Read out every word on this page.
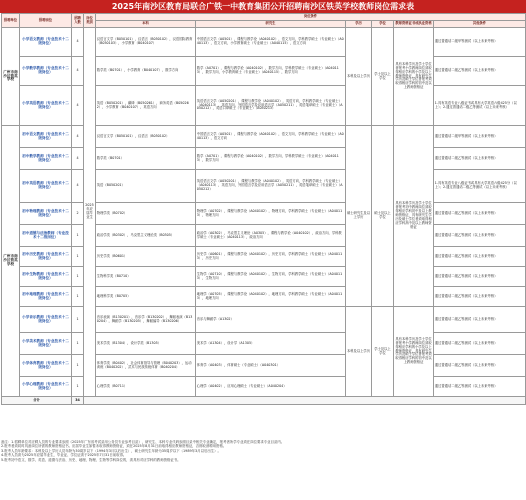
2025年南沙区教育局联合广铁一中教育集团公开招聘南沙区铁英学校教师岗位需求表
招聘单位	招聘岗位	招聘人数	岗位类别	岗位条件					
				本科	研究生	学历	学位	教师资格证书或执业资格	其他条件
广州市南沙区铁英学校	小学语文教师（专业技术十二级岗位）	4	2025年应届毕业生	汉语言文学（B050101），汉语言（B050102），汉语国际教育（B050103），小学教育（B040107）	中国语言文学（A0501），课程与教学论（A040102），语文方向，学科教学硕士（专业硕士）（A040113），语文方向，小学教育硕士（专业硕士）（A040115），语文方向	本科及以上学历	学士及以上学位	具有本科学历及学士学位者报考小学教师岗位须取得相应学科的小学及以上教师资格证，具有研究生学历及硕士学位者报考须取得相应学科的初中及以上教师资格证	通过普通话二级甲等测试（以上未来考核）
	小学数学教师（专业技术十二级岗位）	4		数学类（B0701），小学教育（B040107），数学方向	数学（A0701），课程与教学论（A040102），数学方向，学科教学硕士（专业硕士）（A040113），数学方向，小学教育硕士（专业硕士）（A040115），数学方向				通过普通话二级乙等测试（以上未来考核）
	小学英语教师（专业技术十二级岗位）	4		英语（B050201），翻译（B050261），商务英语（B050262），小学教育（B040107），英语方向	英语语言文学（A050201），课程与教学论（A040102），英语方向，学科教学硕士（专业硕士）（A040113），英语方向，外国语言学及应用语言学（A050211），英语笔译硕士（专业硕士）（A050212），英语口译硕士（专业硕士）（A050213）				1.具有英语专业八级证书或具有大学英语六级425分（以上）；2.通过普通话二级乙等测试（以上未来考核）
广州市南沙区铁英学校	初中语文教师（专业技术十二级岗位）	4		汉语言文学（B050101），汉语言（B050102）	中国语言文学（A0501），课程与教学论（A040102），语文方向，学科教学硕士（专业硕士）（A040113），语文方向	硕士研究生及以上学历	硕士及以上学位	具有本科学历及学士学位者报考初中教师岗位须取得相应学科初中及以上教师资格证，具有研究生学历及硕士学位者须取得相应学科高中及以上教师资格证	通过普通话二级甲等测试（以上未来考核）
	初中数学教师（专业技术十二级岗位）	4		数学类（B0701）	数学（A0701），课程与教学论（A040102），数学方向，学科教学硕士（专业硕士）（A040113），数学方向				通过普通话二级乙等测试（以上未来考核）
	初中英语教师（专业技术十二级岗位）	4		英语（B050201）	英语语言文学（A050201），课程与教学论（A040102），英语方向，学科教学硕士（专业硕士）（A040113），英语方向，外国语言学及应用语言学（A050211），英语笔译硕士（专业硕士）（A050212）				1.具有英语专业八级证书或具有大学英语六级425分（以上）；2.通过普通话二级乙等测试（以上未来考核）
	初中物理教师（专业技术十二级岗位）	2		物理学类（B0702）	物理学（A0702），课程与教学论（A040102），物理方向，学科教学硕士（专业硕士）（A040113），物理方向				通过普通话二级乙等测试（以上未来考核）
	初中道德与法治教师（专业技术十二级岗位）	1		政治学类（B0302），马克思主义理论类（B0305）	政治学（A0302），马克思主义理论（A0305），课程与教学论（A040102），政治方向，学科教学硕士（专业硕士）（A040113），政治方向				通过普通话二级乙等测试（以上未来考核）
	初中历史教师（专业技术十二级岗位）	1		历史学类（B0601）	历史学（A0601），课程与教学论（A040102），历史方向，学科教学硕士（专业硕士）（A040113），历史方向				通过普通话二级乙等测试（以上未来考核）
	初中生物教师（专业技术十二级岗位）	1		生物科学类（B0710）	生物学（A0710），课程与教学论（A040102），生物方向，学科教学硕士（专业硕士）（A040113），生物方向				通过普通话二级乙等测试（以上未来考核）
	初中地理教师（专业技术十二级岗位）	1		地理科学类（B0705）	地理学（A0705），课程与教学论（A040102），地理方向，学科教学硕士（专业硕士）（A040113），地理方向				通过普通话二级乙等测试（以上未来考核）
	小学音乐教师（专业技术十二级岗位）	1		音乐表演（B130201），音乐学（B130202），舞蹈表演（B130204），舞蹈学（B130205），舞蹈编导（B130206）	音乐与舞蹈学（A1302）	本科及以上学历	学士及以上学位	具有本科学历及学士学位者报考小学教师岗位须取得相应学科的小学及以上教师资格证，具有研究生学历及硕士学位者报考须取得相应学科的初中及以上教师资格证	通过普通话二级乙等测试（以上未来考核）
	小学美术教师（专业技术十二级岗位）	1		美术学类（B1304），设计学类（B1305）	美术学（A1304），设计学（A1305）				通过普通话二级乙等测试（以上未来考核）
	小学体育教师（专业技术十二级岗位）	1		体育学类（B0402），社会体育指导与管理（B040203），运动训练（B040202），武术与民族传统体育（B040204）	体育学（A0403），体育硕士（专业硕士）（A040301）				通过普通话二级乙等测试（以上未来考核）
	小学心理教师（专业技术十二级岗位）	1		心理学类（B0711）	心理学（A0402），应用心理硕士（专业硕士）（A040204）				通过普通话二级乙等测试（以上未来考核）
合计		34							
备注：1.招聘单位对应聘人员的专业要求参照《2025年广东省考试录用公务员专业参考目录》，研究生、本科专业代码参照目录中相关专业确定，报考者所学专业须在岗位要求专业目录内。
2.报考者须同时具备岗位所需的教师资格证书。应届毕业生如暂未取得教师资格证，须在2025年8月31日前取得相应教师资格证，否则取消聘用资格。
3.报考人员年龄要求：本科及以上学历人员年龄为30周岁以下（1994年3月以后出生），硕士研究生年龄为35周岁以下（1989年3月以后出生）。
4.报考人员须为2025年应届毕业生，毕业证、学位证须于2025年7月31日前取得。
5.报考初中语文、数学、英语、道德与法治、历史、地理、物理、生物等学科岗位的，须具有对应学科的教师资格证书。
